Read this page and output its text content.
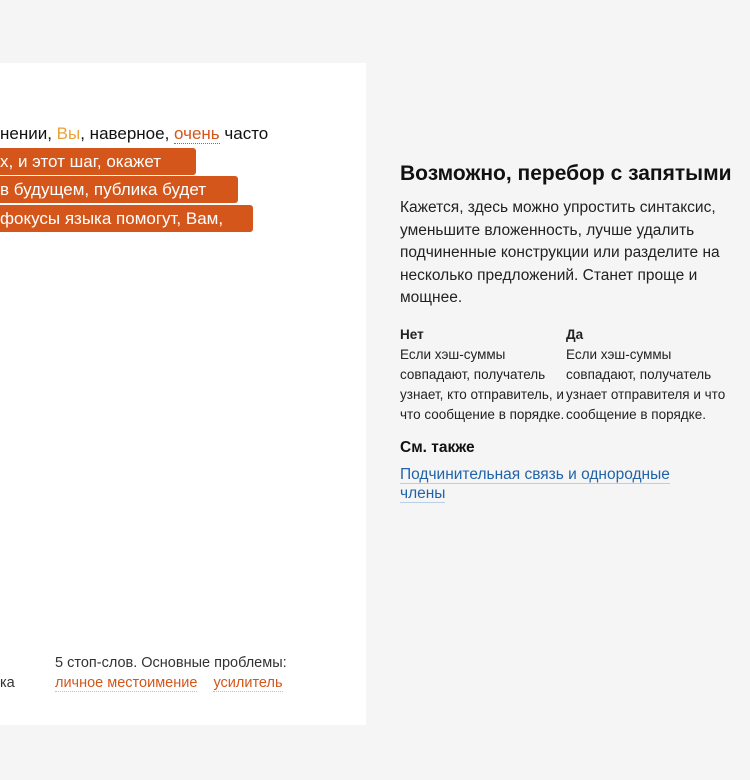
нении, Вы, наверное, очень часто
х, и этот шаг, окажет
в будущем, публика будет
фокусы языка помогут, Вам,
5 стоп-слов. Основные проблемы:
ка	личное местоимение усилитель
Возможно, перебор с запятыми
Кажется, здесь можно упростить синтаксис, уменьшите вложенность, лучше удалить подчиненные конструкции или разделите на несколько предложений. Станет проще и мощнее.
Нет
Если хэш-суммы совпадают, получатель узнает, кто отправитель, и что сообщение в порядке.
Да
Если хэш-суммы совпадают, получатель узнает отправителя и что сообщение в порядке.
См. также
Подчинительная связь и однородные члены
